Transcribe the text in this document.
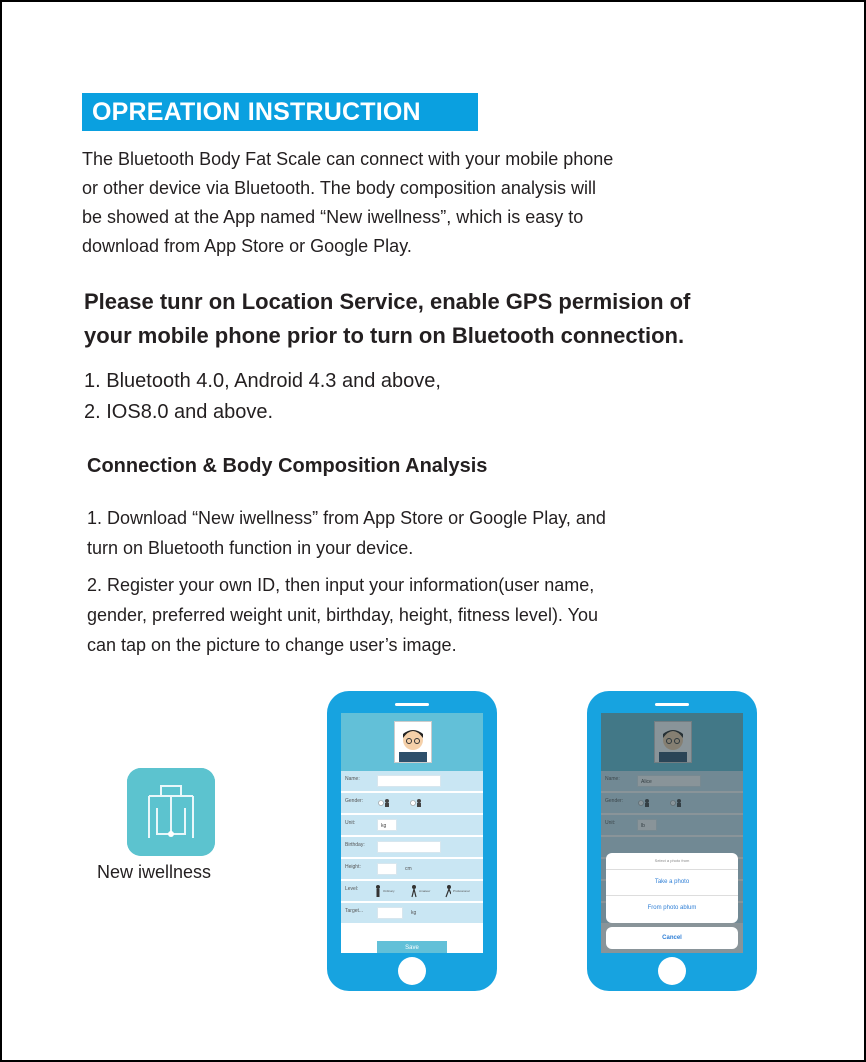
OPREATION INSTRUCTION
The Bluetooth Body Fat Scale can connect with your mobile phone
or other device via Bluetooth. The body composition analysis will
be showed at the App named “New iwellness”, which is easy to
download from App Store or Google Play.
Please tunr on Location Service, enable GPS permision of
your mobile phone prior to turn on Bluetooth connection.
1. Bluetooth 4.0, Android 4.3 and above,
2. IOS8.0 and above.
Connection & Body Composition Analysis
1. Download “New iwellness” from App Store or Google Play, and
turn on Bluetooth function in your device.
2. Register your own ID, then input your information(user name,
gender, preferred weight unit, birthday, height, fitness level). You
can tap on the picture to change user’s image.
New iwellness
Name:
Gender:
Unit:	kg
Birthday:
Height:	cm
Level:	Ordinary	Amateur	Professional
Target...	kg
Save
Select a photo from
Take a photo
From photo ablum
Cancel
